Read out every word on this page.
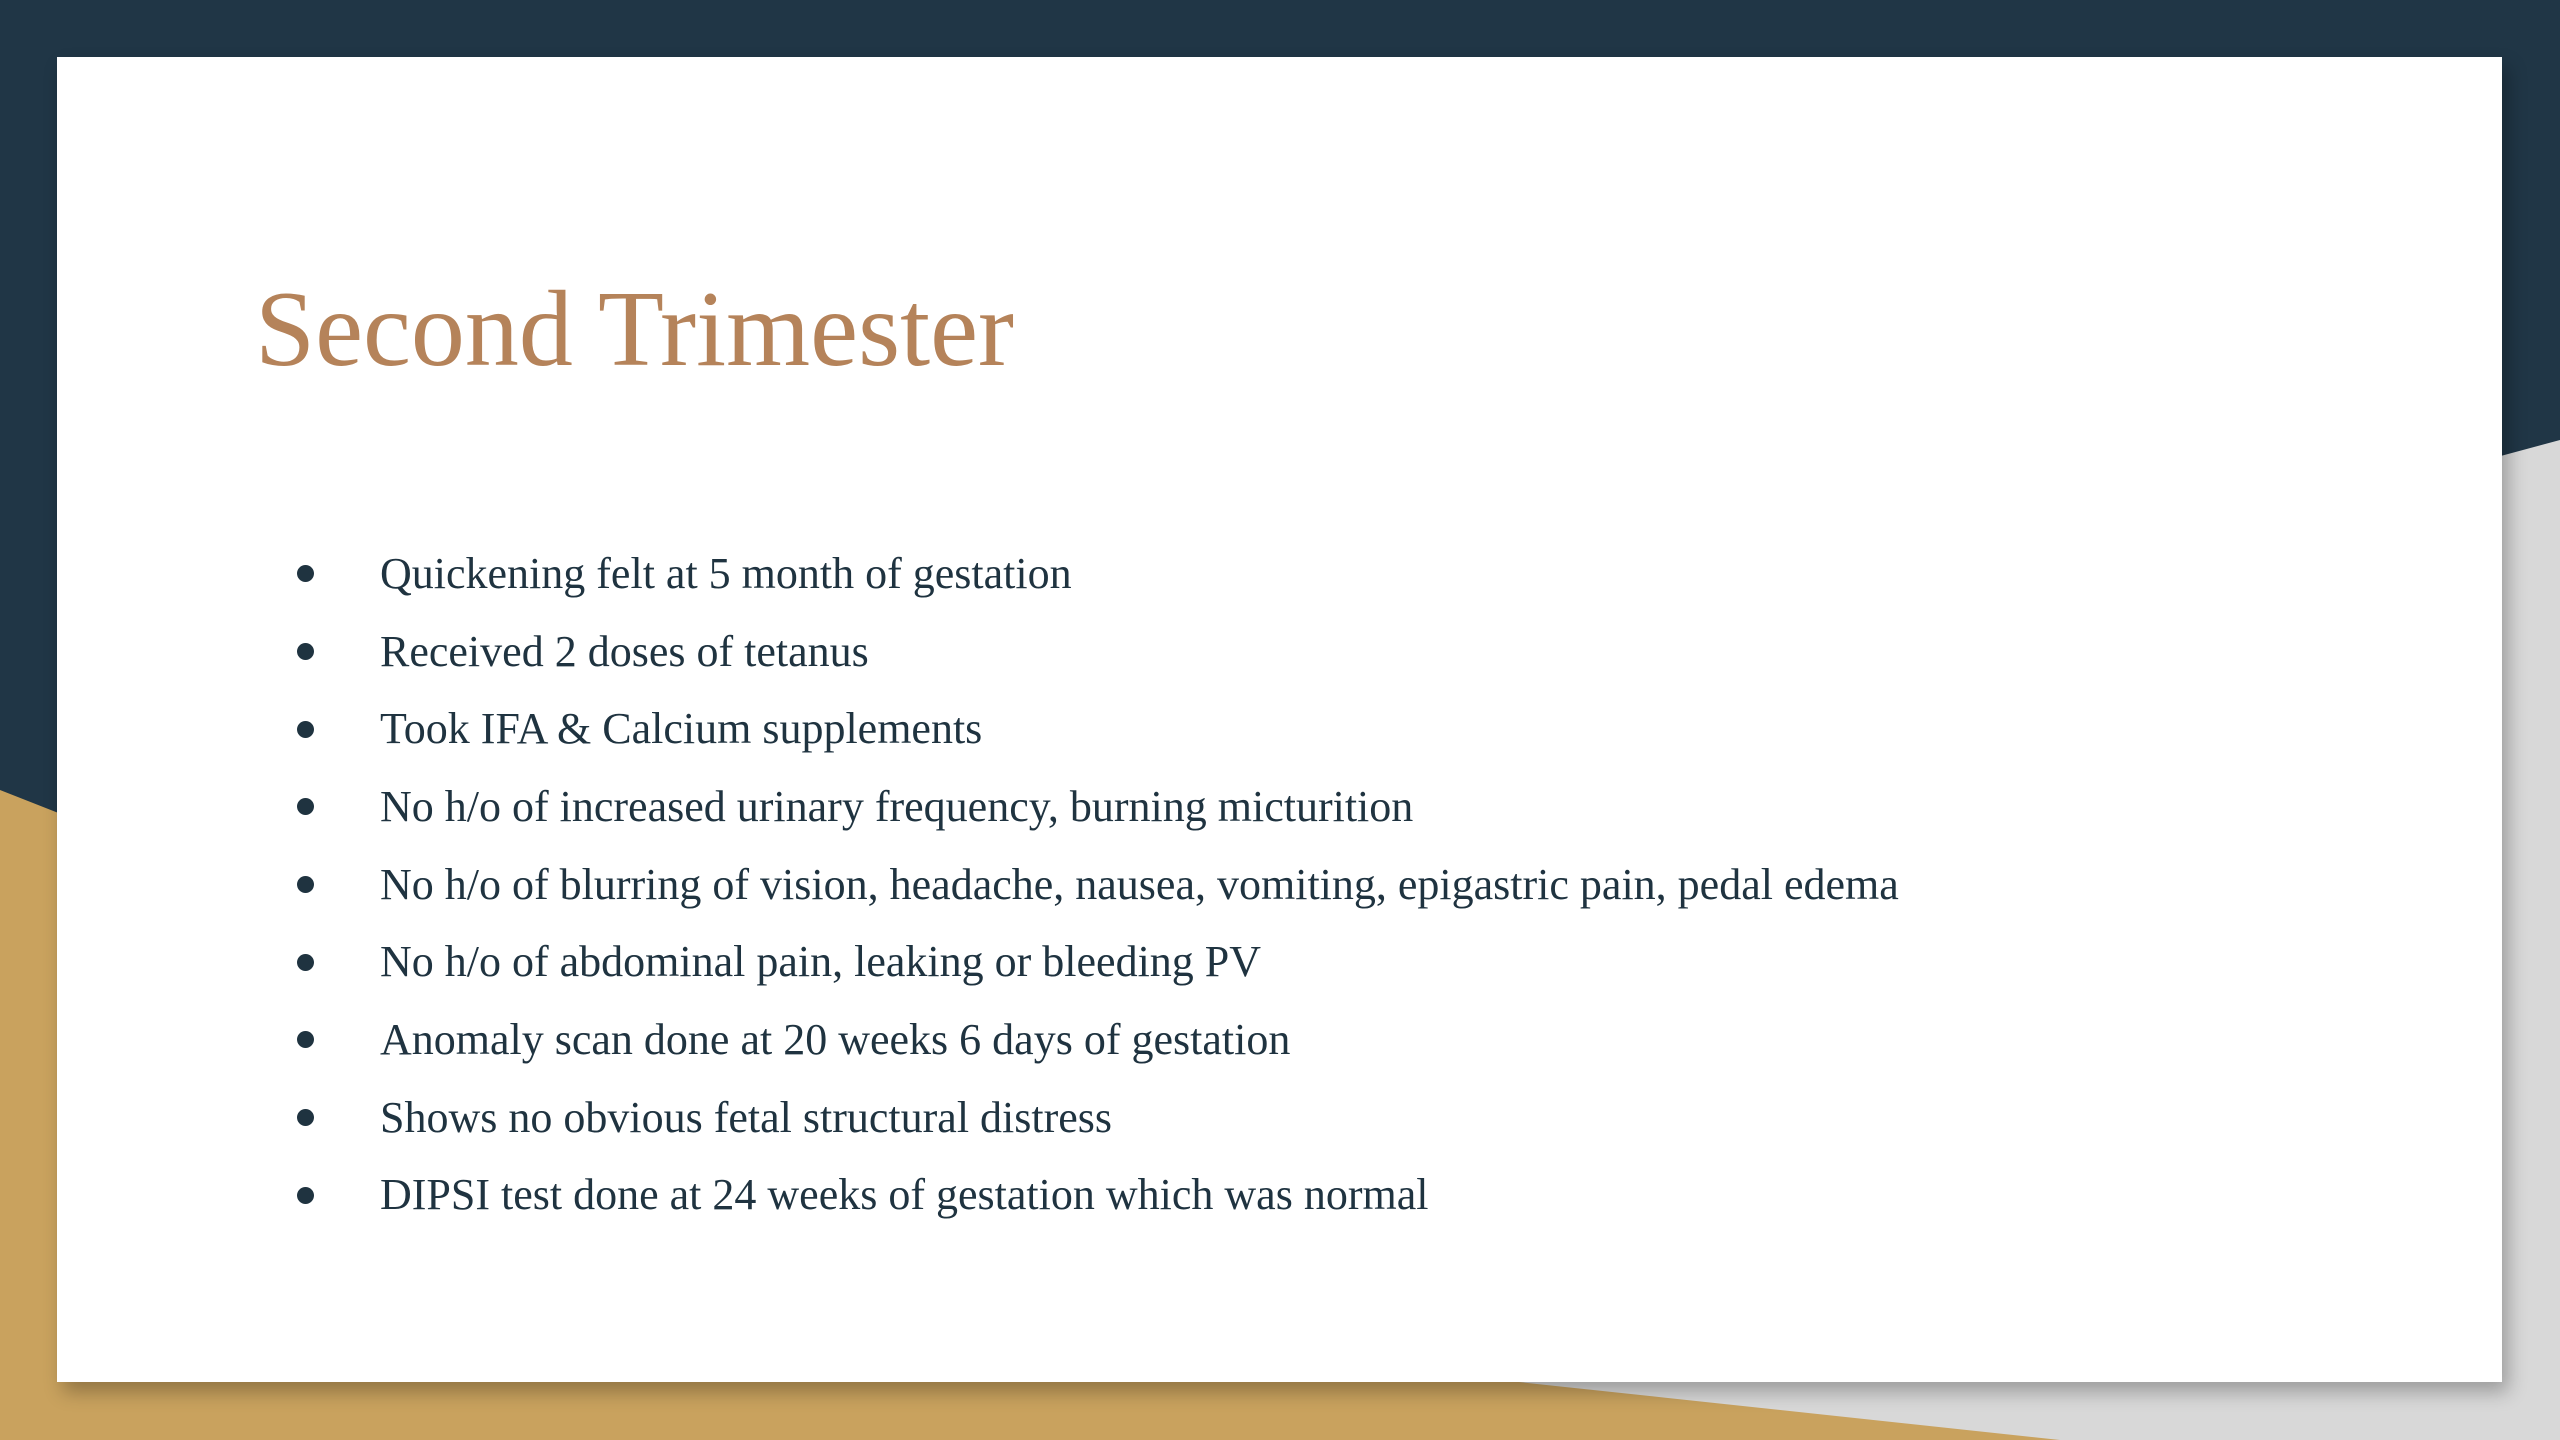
Second Trimester
Quickening felt at 5 month of gestation
Received 2 doses of tetanus
Took IFA & Calcium supplements
No h/o of increased urinary frequency, burning micturition
No h/o of blurring of vision, headache, nausea, vomiting, epigastric pain, pedal edema
No h/o of abdominal pain, leaking or bleeding PV
Anomaly scan done at 20 weeks 6 days of gestation
Shows no obvious fetal structural distress
DIPSI test done at 24 weeks of gestation which was normal
